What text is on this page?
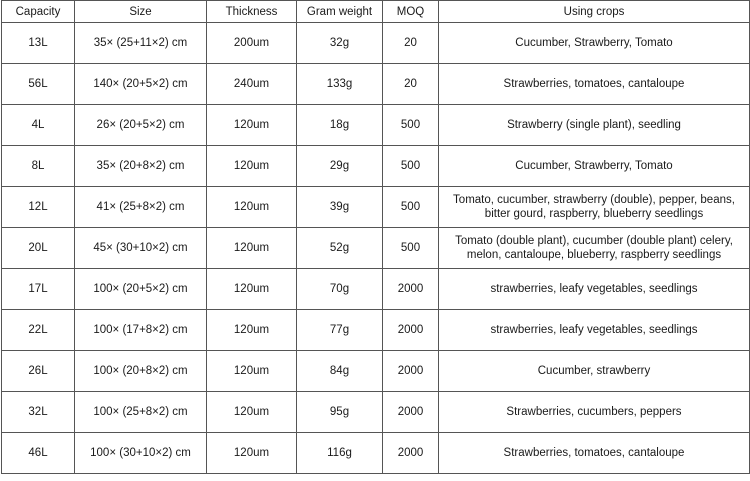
Capacity	Size	Thickness	Gram weight	MOQ	Using crops
13L	35× (25+11×2) cm	200um	32g	20	Cucumber, Strawberry, Tomato
56L	140× (20+5×2) cm	240um	133g	20	Strawberries, tomatoes, cantaloupe
4L	26× (20+5×2) cm	120um	18g	500	Strawberry (single plant), seedling
8L	35× (20+8×2) cm	120um	29g	500	Cucumber, Strawberry, Tomato
12L	41× (25+8×2) cm	120um	39g	500	Tomato, cucumber, strawberry (double), pepper, beans, bitter gourd, raspberry, blueberry seedlings
20L	45× (30+10×2) cm	120um	52g	500	Tomato (double plant), cucumber (double plant) celery, melon, cantaloupe, blueberry, raspberry seedlings
17L	100× (20+5×2) cm	120um	70g	2000	strawberries, leafy vegetables, seedlings
22L	100× (17+8×2) cm	120um	77g	2000	strawberries, leafy vegetables, seedlings
26L	100× (20+8×2) cm	120um	84g	2000	Cucumber, strawberry
32L	100× (25+8×2) cm	120um	95g	2000	Strawberries, cucumbers, peppers
46L	100× (30+10×2) cm	120um	116g	2000	Strawberries, tomatoes, cantaloupe
